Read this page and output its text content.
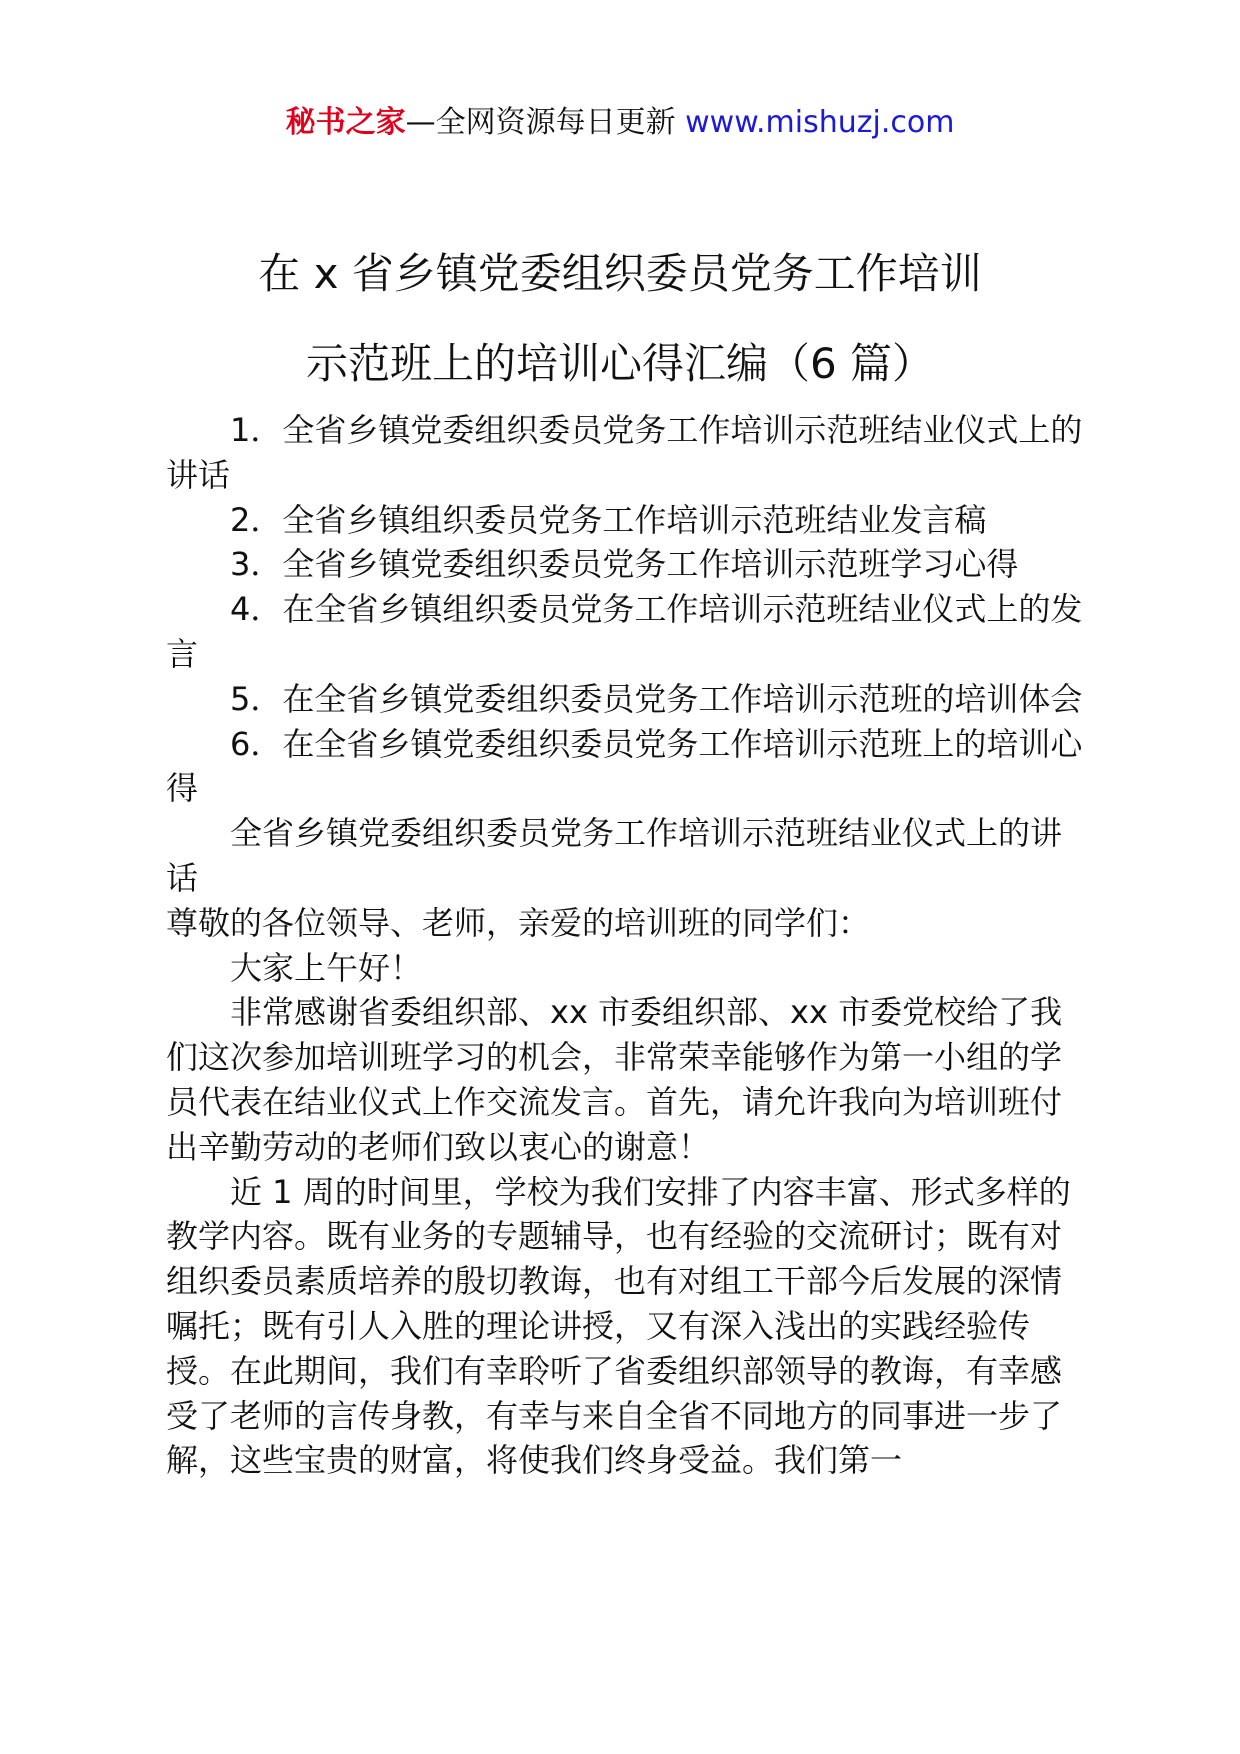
秘书之家—全网资源每日更新 www.mishuzj.com
在 x 省乡镇党委组织委员党务工作培训
示范班上的培训心得汇编（6 篇）

1．全省乡镇党委组织委员党务工作培训示范班结业仪式上的讲话

2．全省乡镇组织委员党务工作培训示范班结业发言稿

3．全省乡镇党委组织委员党务工作培训示范班学习心得

4．在全省乡镇组织委员党务工作培训示范班结业仪式上的发言

5．在全省乡镇党委组织委员党务工作培训示范班的培训体会

6．在全省乡镇党委组织委员党务工作培训示范班上的培训心得

全省乡镇党委组织委员党务工作培训示范班结业仪式上的讲话

尊敬的各位领导、老师，亲爱的培训班的同学们：

大家上午好！

非常感谢省委组织部、xx 市委组织部、xx 市委党校给了我们这次参加培训班学习的机会，非常荣幸能够作为第一小组的学员代表在结业仪式上作交流发言。首先，请允许我向为培训班付出辛勤劳动的老师们致以衷心的谢意！

近 1 周的时间里，学校为我们安排了内容丰富、形式多样的教学内容。既有业务的专题辅导，也有经验的交流研讨；既有对组织委员素质培养的殷切教诲，也有对组工干部今后发展的深情嘱托；既有引人入胜的理论讲授，又有深入浅出的实践经验传授。在此期间，我们有幸聆听了省委组织部领导的教诲，有幸感受了老师的言传身教，有幸与来自全省不同地方的同事进一步了解，这些宝贵的财富，将使我们终身受益。我们第一
